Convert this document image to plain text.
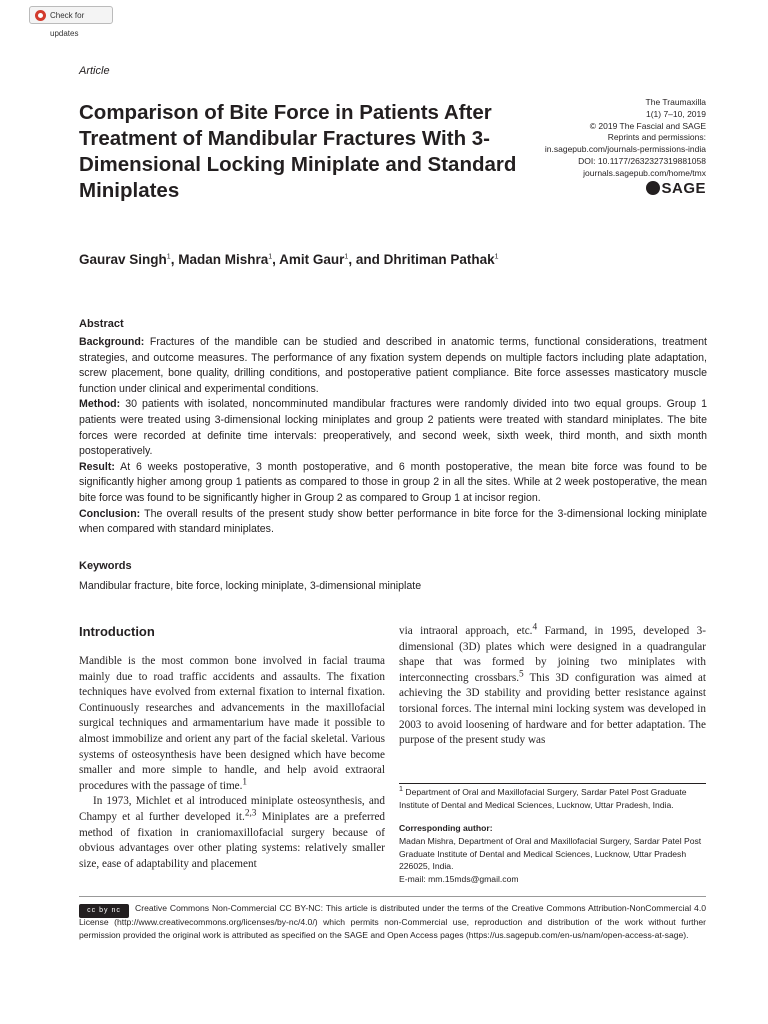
Check for updates
Article
Comparison of Bite Force in Patients After Treatment of Mandibular Fractures With 3-Dimensional Locking Miniplate and Standard Miniplates
The Traumaxilla
1(1) 7–10, 2019
© 2019 The Fascial and SAGE
Reprints and permissions:
in.sagepub.com/journals-permissions-india
DOI: 10.1177/2632327319881058
journals.sagepub.com/home/tmx
SAGE
Gaurav Singh$^1$, Madan Mishra$^1$, Amit Gaur$^1$, and Dhritiman Pathak$^1$
Abstract

Background: Fractures of the mandible can be studied and described in anatomic terms, functional considerations, treatment strategies, and outcome measures. The performance of any fixation system depends on multiple factors including plate adaptation, screw placement, bone quality, drilling conditions, and postoperative patient compliance. Bite force assesses masticatory muscle function under clinical and experimental conditions.

Method: 30 patients with isolated, noncomminuted mandibular fractures were randomly divided into two equal groups. Group 1 patients were treated using 3-dimensional locking miniplates and group 2 patients were treated with standard miniplates. The bite forces were recorded at definite time intervals: preoperatively, and second week, sixth week, third month, and sixth month postoperatively.

Result: At 6 weeks postoperative, 3 month postoperative, and 6 month postoperative, the mean bite force was found to be significantly higher among group 1 patients as compared to those in group 2 in all the sites. While at 2 week postoperative, the mean bite force was found to be significantly higher in Group 2 as compared to Group 1 at incisor region.

Conclusion: The overall results of the present study show better performance in bite force for the 3-dimensional locking miniplate when compared with standard miniplates.

Keywords
Mandibular fracture, bite force, locking miniplate, 3-dimensional miniplate
Introduction

Mandible is the most common bone involved in facial trauma mainly due to road traffic accidents and assaults. The fixation techniques have evolved from external fixation to internal fixation. Continuously researches and advancements in the maxillofacial surgical techniques and armamentarium have made it possible to almost immobilize and orient any part of the facial skeletal. Various systems of osteosynthesis have been designed which have become smaller and more simple to handle, and help avoid extraoral procedures with the passage of time.$^1$

In 1973, Michlet et al introduced miniplate osteosynthesis, and Champy et al further developed it.$^{2,3}$ Miniplates are a preferred method of fixation in craniomaxillofacial surgery because of obvious advantages over other plating systems: relatively smaller size, ease of adaptability and placement

via intraoral approach, etc.$^4$ Farmand, in 1995, developed 3-dimensional (3D) plates which were designed in a quadrangular shape that was formed by joining two miniplates with interconnecting crossbars.$^5$ This 3D configuration was aimed at achieving the 3D stability and providing better resistance against torsional forces. The internal mini locking system was developed in 2003 to avoid loosening of hardware and for better adaptation. The purpose of the present study was

$^1$ Department of Oral and Maxillofacial Surgery, Sardar Patel Post Graduate Institute of Dental and Medical Sciences, Lucknow, Uttar Pradesh, India.

Corresponding author:

Madan Mishra, Department of Oral and Maxillofacial Surgery, Sardar Patel Post Graduate Institute of Dental and Medical Sciences, Lucknow, Uttar Pradesh 226025, India.

E-mail: mm.15mds@gmail.com

cc by nc	Creative Commons Non-Commercial CC BY-NC: This article is distributed under the terms of the Creative Commons Attribution-NonCommercial 4.0 License (http://www.creativecommons.org/licenses/by-nc/4.0/) which permits non-Commercial use, reproduction and distribution of the work without further permission provided the original work is attributed as specified on the SAGE and Open Access pages (https://us.sagepub.com/en-us/nam/open-access-at-sage).
